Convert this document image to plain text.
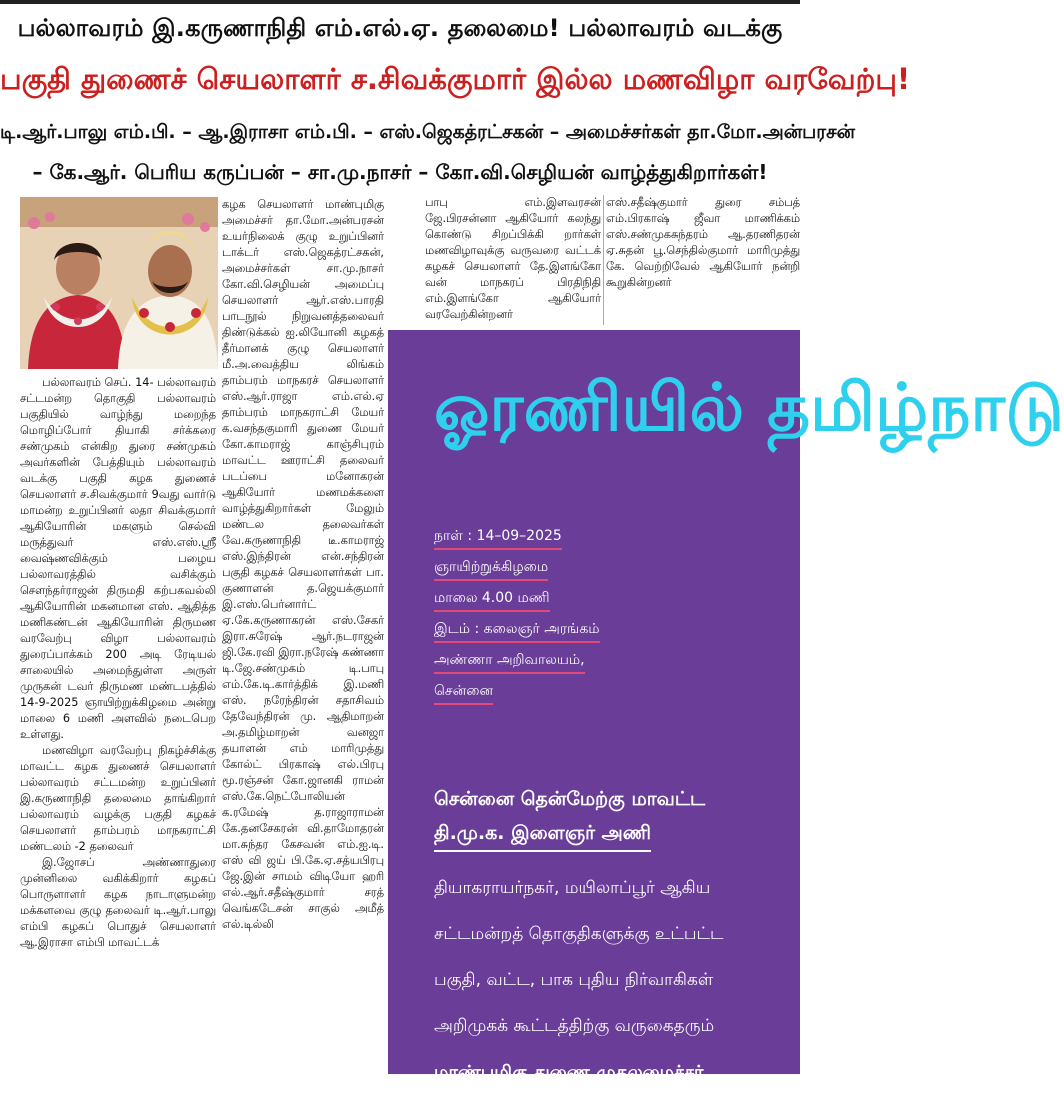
பல்லாவரம் இ.கருணாநிதி எம்.எல்.ஏ. தலைமை! பல்லாவரம் வடக்கு
பகுதி துணைச் செயலாளர் ச.சிவக்குமார் இல்ல மணவிழா வரவேற்பு!
டி.ஆர்.பாலு எம்.பி. – ஆ.இராசா எம்.பி. – எஸ்.ஜெகத்ரட்சகன் – அமைச்சர்கள் தா.மோ.அன்பரசன்
– கே.ஆர். பெரிய கருப்பன் – சா.மு.நாசர் – கோ.வி.செழியன் வாழ்த்துகிறார்கள்!

பல்லாவரம் செப். 14- பல்லாவரம் சட்டமன்ற தொகுதி பல்லாவரம் பகுதியில் வாழ்ந்து மறைந்த மொழிப்போர் தியாகி சர்க்கரை சண்முகம் என்கிற துரை சண்முகம் அவர்களின் பேத்தியும் பல்லாவரம் வடக்கு பகுதி கழக துணைச் செயலாளர் ச.சிவக்குமார் 9வது வார்டு மாமன்ற உறுப்பினர் லதா சிவக்குமார் ஆகியோரின் மகளும் செல்வி மருத்துவர் எஸ்.எஸ்.ஸ்ரீ வைஷ்ணவிக்கும் பழைய பல்லாவரத்தில் வசிக்கும் சௌந்தர்ராஜன் திருமதி கற்பகவல்லி ஆகியோரின் மகனமான எஸ். ஆதித்த மணிகண்டன் ஆகியோரின் திருமண வரவேற்பு விழா பல்லாவரம் துரைப்பாக்கம் 200 அடி ரேடியல் சாலையில் அமைந்துள்ள அருள் முருகன் டவர் திருமண மண்டபத்தில் 14-9-2025 ஞாயிற்றுக்கிழமை அன்று மாலை 6 மணி அளவில் நடைபெற உள்ளது.

மணவிழா வரவேற்பு நிகழ்ச்சிக்கு மாவட்ட கழக துணைச் செயலாளர் பல்லாவரம் சட்டமன்ற உறுப்பினர் இ.கருணாநிதி தலைமை தாங்கிறார் பல்லாவரம் வழக்கு பகுதி கழகச் செயலாளர் தாம்பரம் மாநகராட்சி மண்டலம் -2 தலைவர்

இ.ஜோசப் அண்ணாதுரை முன்னிலை வகிக்கிறார் கழகப் பொருளாளர் கழக நாடாளுமன்ற மக்களவை குழு தலைவர் டி.ஆர்.பாலு எம்பி கழகப் பொதுச் செயலாளர் ஆ.இராசா எம்பி மாவட்டக்

கழக செயலாளர் மாண்புமிகு அமைச்சர் தா.மோ.அன்பரசன் உயர்நிலைக் குழு உறுப்பினர் டாக்டர் எஸ்.ஜெகத்ரட்சகன், அமைச்சர்கள் சா.மு.நாசர் கோ.வி.செழியன் அமைப்பு செயலாளர் ஆர்.எஸ்.பாரதி பாடநூல் நிறுவனத்தலைவர் திண்டுக்கல் ஐ.லியோனி கழகத் தீர்மானக் குழு செயலாளர் மீ.அ.வைத்திய லிங்கம் தாம்பரம் மாநகரச் செயலாளர் எஸ்.ஆர்.ராஜா எம்.எல்.ஏ தாம்பரம் மாநகராட்சி மேயர் க.வசந்தகுமாரி துணை மேயர் கோ.காமராஜ் காஞ்சிபுரம் மாவட்ட ஊராட்சி தலைவர் படப்பை மனோகரன் ஆகியோர் மணமக்களை வாழ்த்துகிறார்கள் மேலும் மண்டல தலைவர்கள் வே.கருணாநிதி டீ.காமராஜ் எஸ்.இந்திரன் என்.சந்திரன் பகுதி கழகச் செயலாளர்கள் பா. குணாளன் த.ஜெயக்குமார் இ.எஸ்.பெர்னார்ட் ஏ.கே.கருணாகரன் எஸ்.சேகர் இரா.சுரேஷ் ஆர்.நடராஜன் ஜி.கே.ரவி இரா.நரேஷ் கண்ணா டி.ஜே.சண்முகம் டி.பாபு எம்.கே.டி.கார்த்திக் இ.மணி எஸ். நரேந்திரன் சதாசிவம் தேவேந்திரன் மு. ஆதிமாறன் அ.தமிழ்மாறன் வனஜா தயாளன் எம் மாரிமுத்து கோல்ட் பிரகாஷ் எல்.பிரபு மூ.ரஞ்சன் கோ.ஜானகி ராமன் எஸ்.கே.நெட்போலியன் க.ரமேஷ் த.ராஜாராமன் கே.தனசேகரன் வி.தாமோதரன் மா.சுந்தர கேசவன் எம்.ஐ.டி. எஸ் வி ஜய் பி.கே.ஏ.சத்யபிரபு ஜே.இன் சாமம் விடியோ ஹரி எல்.ஆர்.சதீஷ்குமார் சரத் வெங்கடேசன் சாகுல் அமீத் எல்.டில்லி
பாபு எம்.இளவரசன் ஜே.பிரசன்னா ஆகியோர் கலந்து கொண்டு சிறப்பிக்கி றார்கள் மணவிழாவுக்கு வருவரை வட்டக் கழகச் செயலாளர் தே.இளங்கோ வன் மாநகரப் பிரதிநிதி எம்.இளங்கோ ஆகியோர் வரவேற்கின்றனர்
எஸ்.சதீஷ்குமார் துரை சம்பத் எம்.பிரகாஷ் ஜீவா மாணிக்கம் எஸ்.சண்முகசுந்தரம் ஆ.தரணிதரன் ஏ.சுதன் பூ.செந்தில்குமார் மாரிமுத்து கே. வெற்றிவேல் ஆகியோர் நன்றி கூறுகின்றனர்
ஓரணியில் தமிழ்நாடு
நாள் : 14–09–2025
ஞாயிற்றுக்கிழமை
மாலை 4.00 மணி
இடம் : கலைஞர் அரங்கம்
அண்ணா அறிவாலயம்,
சென்னை
சென்னை தென்மேற்கு மாவட்ட
தி.மு.க. இளைஞர் அணி
தியாகராயர்நகர், மயிலாப்பூர் ஆகிய
சட்டமன்றத் தொகுதிகளுக்கு உட்பட்ட
பகுதி, வட்ட, பாக புதிய நிர்வாகிகள்
அறிமுகக் கூட்டத்திற்கு வருகைதரும்
மாண்புமிகு துணை முதலமைச்சர்
